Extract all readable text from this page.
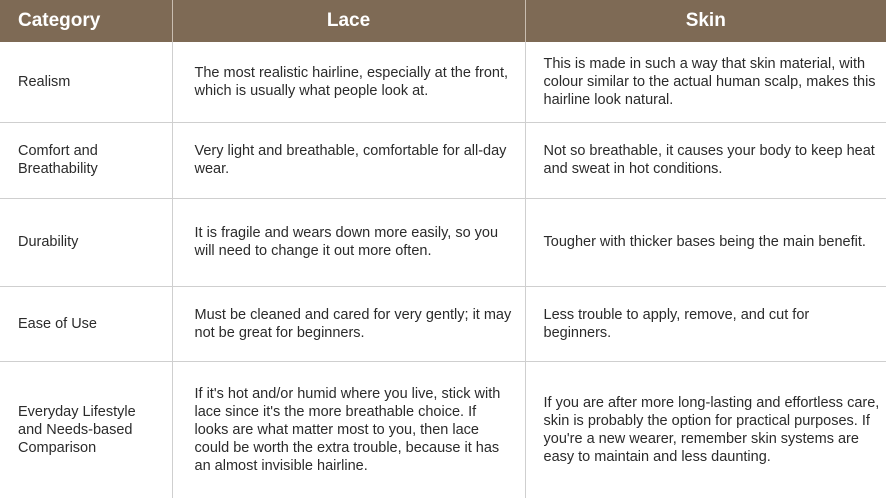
Category	Lace	Skin
Realism	The most realistic hairline, especially at the front, which is usually what people look at.	This is made in such a way that skin material, with colour similar to the actual human scalp, makes this hairline look natural.
Comfort and Breathability	Very light and breathable, comfortable for all-day wear.	Not so breathable, it causes your body to keep heat and sweat in hot conditions.
Durability	It is fragile and wears down more easily, so you will need to change it out more often.	Tougher with thicker bases being the main benefit.
Ease of Use	Must be cleaned and cared for very gently; it may not be great for beginners.	Less trouble to apply, remove, and cut for beginners.
Everyday Lifestyle and Needs-based Comparison	If it's hot and/or humid where you live, stick with lace since it's the more breathable choice. If looks are what matter most to you, then lace could be worth the extra trouble, because it has an almost invisible hairline.	If you are after more long-lasting and effortless care, skin is probably the option for practical purposes. If you're a new wearer, remember skin systems are easy to maintain and less daunting.
